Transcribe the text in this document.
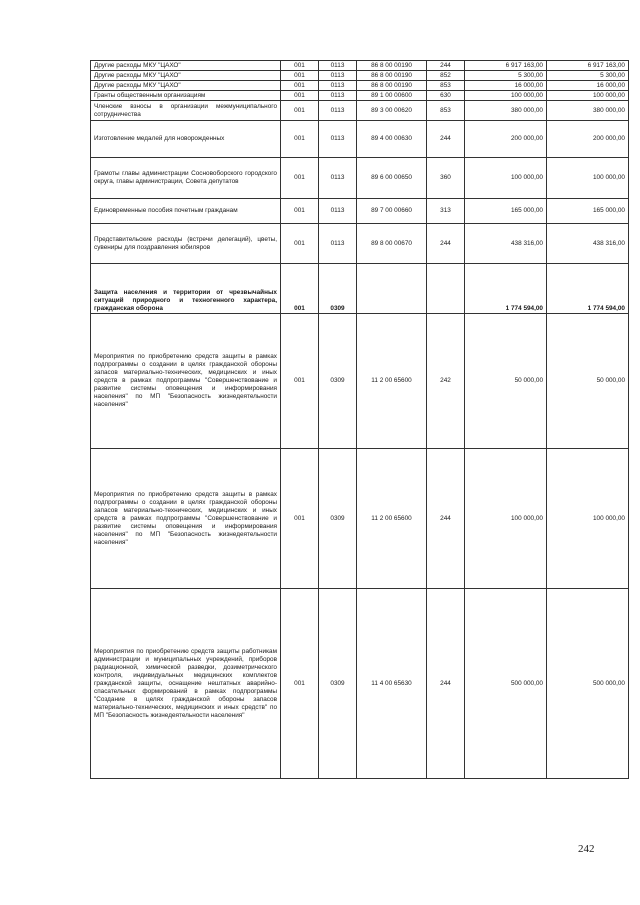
Другие расходы МКУ "ЦАХО"	001	0113	86 8 00 00190	244	6 917 163,00	6 917 163,00
Другие расходы МКУ "ЦАХО"	001	0113	86 8 00 00190	852	5 300,00	5 300,00
Другие расходы МКУ "ЦАХО"	001	0113	86 8 00 00190	853	16 000,00	16 000,00
Гранты общественным организациям	001	0113	89 1 00 00600	630	100 000,00	100 000,00
Членские взносы в организации межмуниципального сотрудничества	001	0113	89 3 00 00620	853	380 000,00	380 000,00
Изготовление медалей для новорожденных	001	0113	89 4 00 00630	244	200 000,00	200 000,00
Грамоты главы администрации Сосновоборского городского округа, главы администрации, Совета депутатов	001	0113	89 6 00 00650	360	100 000,00	100 000,00
Единовременные пособия почетным гражданам	001	0113	89 7 00 00660	313	165 000,00	165 000,00
Представительские расходы (встречи делегаций), цветы, сувениры для поздравления юбиляров	001	0113	89 8 00 00670	244	438 316,00	438 316,00
Защита населения и территории от чрезвычайных ситуаций природного и техногенного характера, гражданская оборона	001	0309			1 774 594,00	1 774 594,00
Мероприятия по приобретению средств защиты в рамках подпрограммы о создании в целях гражданской обороны запасов материально-технических, медицинских и иных средств в рамках подпрограммы "Совершенствование и развитие системы оповещения и информирования населения" по МП "Безопасность жизнедеятельности населения"	001	0309	11 2 00 65600	242	50 000,00	50 000,00
Мероприятия по приобретению средств защиты в рамках подпрограммы о создании в целях гражданской обороны запасов материально-технических, медицинских и иных средств в рамках подпрограммы "Совершенствование и развитие системы оповещения и информирования населения" по МП "Безопасность жизнедеятельности населения"	001	0309	11 2 00 65600	244	100 000,00	100 000,00
Мероприятия по приобретению средств защиты работникам администрации и муниципальных учреждений, приборов радиационной, химической разведки, дозиметрического контроля, индивидуальных медицинских комплектов гражданской защиты, оснащение нештатных аварийно-спасательных формирований в рамках подпрограммы "Создание в целях гражданской обороны запасов материально-технических, медицинских и иных средств" по МП "Безопасность жизнедеятельности населения"	001	0309	11 4 00 65630	244	500 000,00	500 000,00
242
